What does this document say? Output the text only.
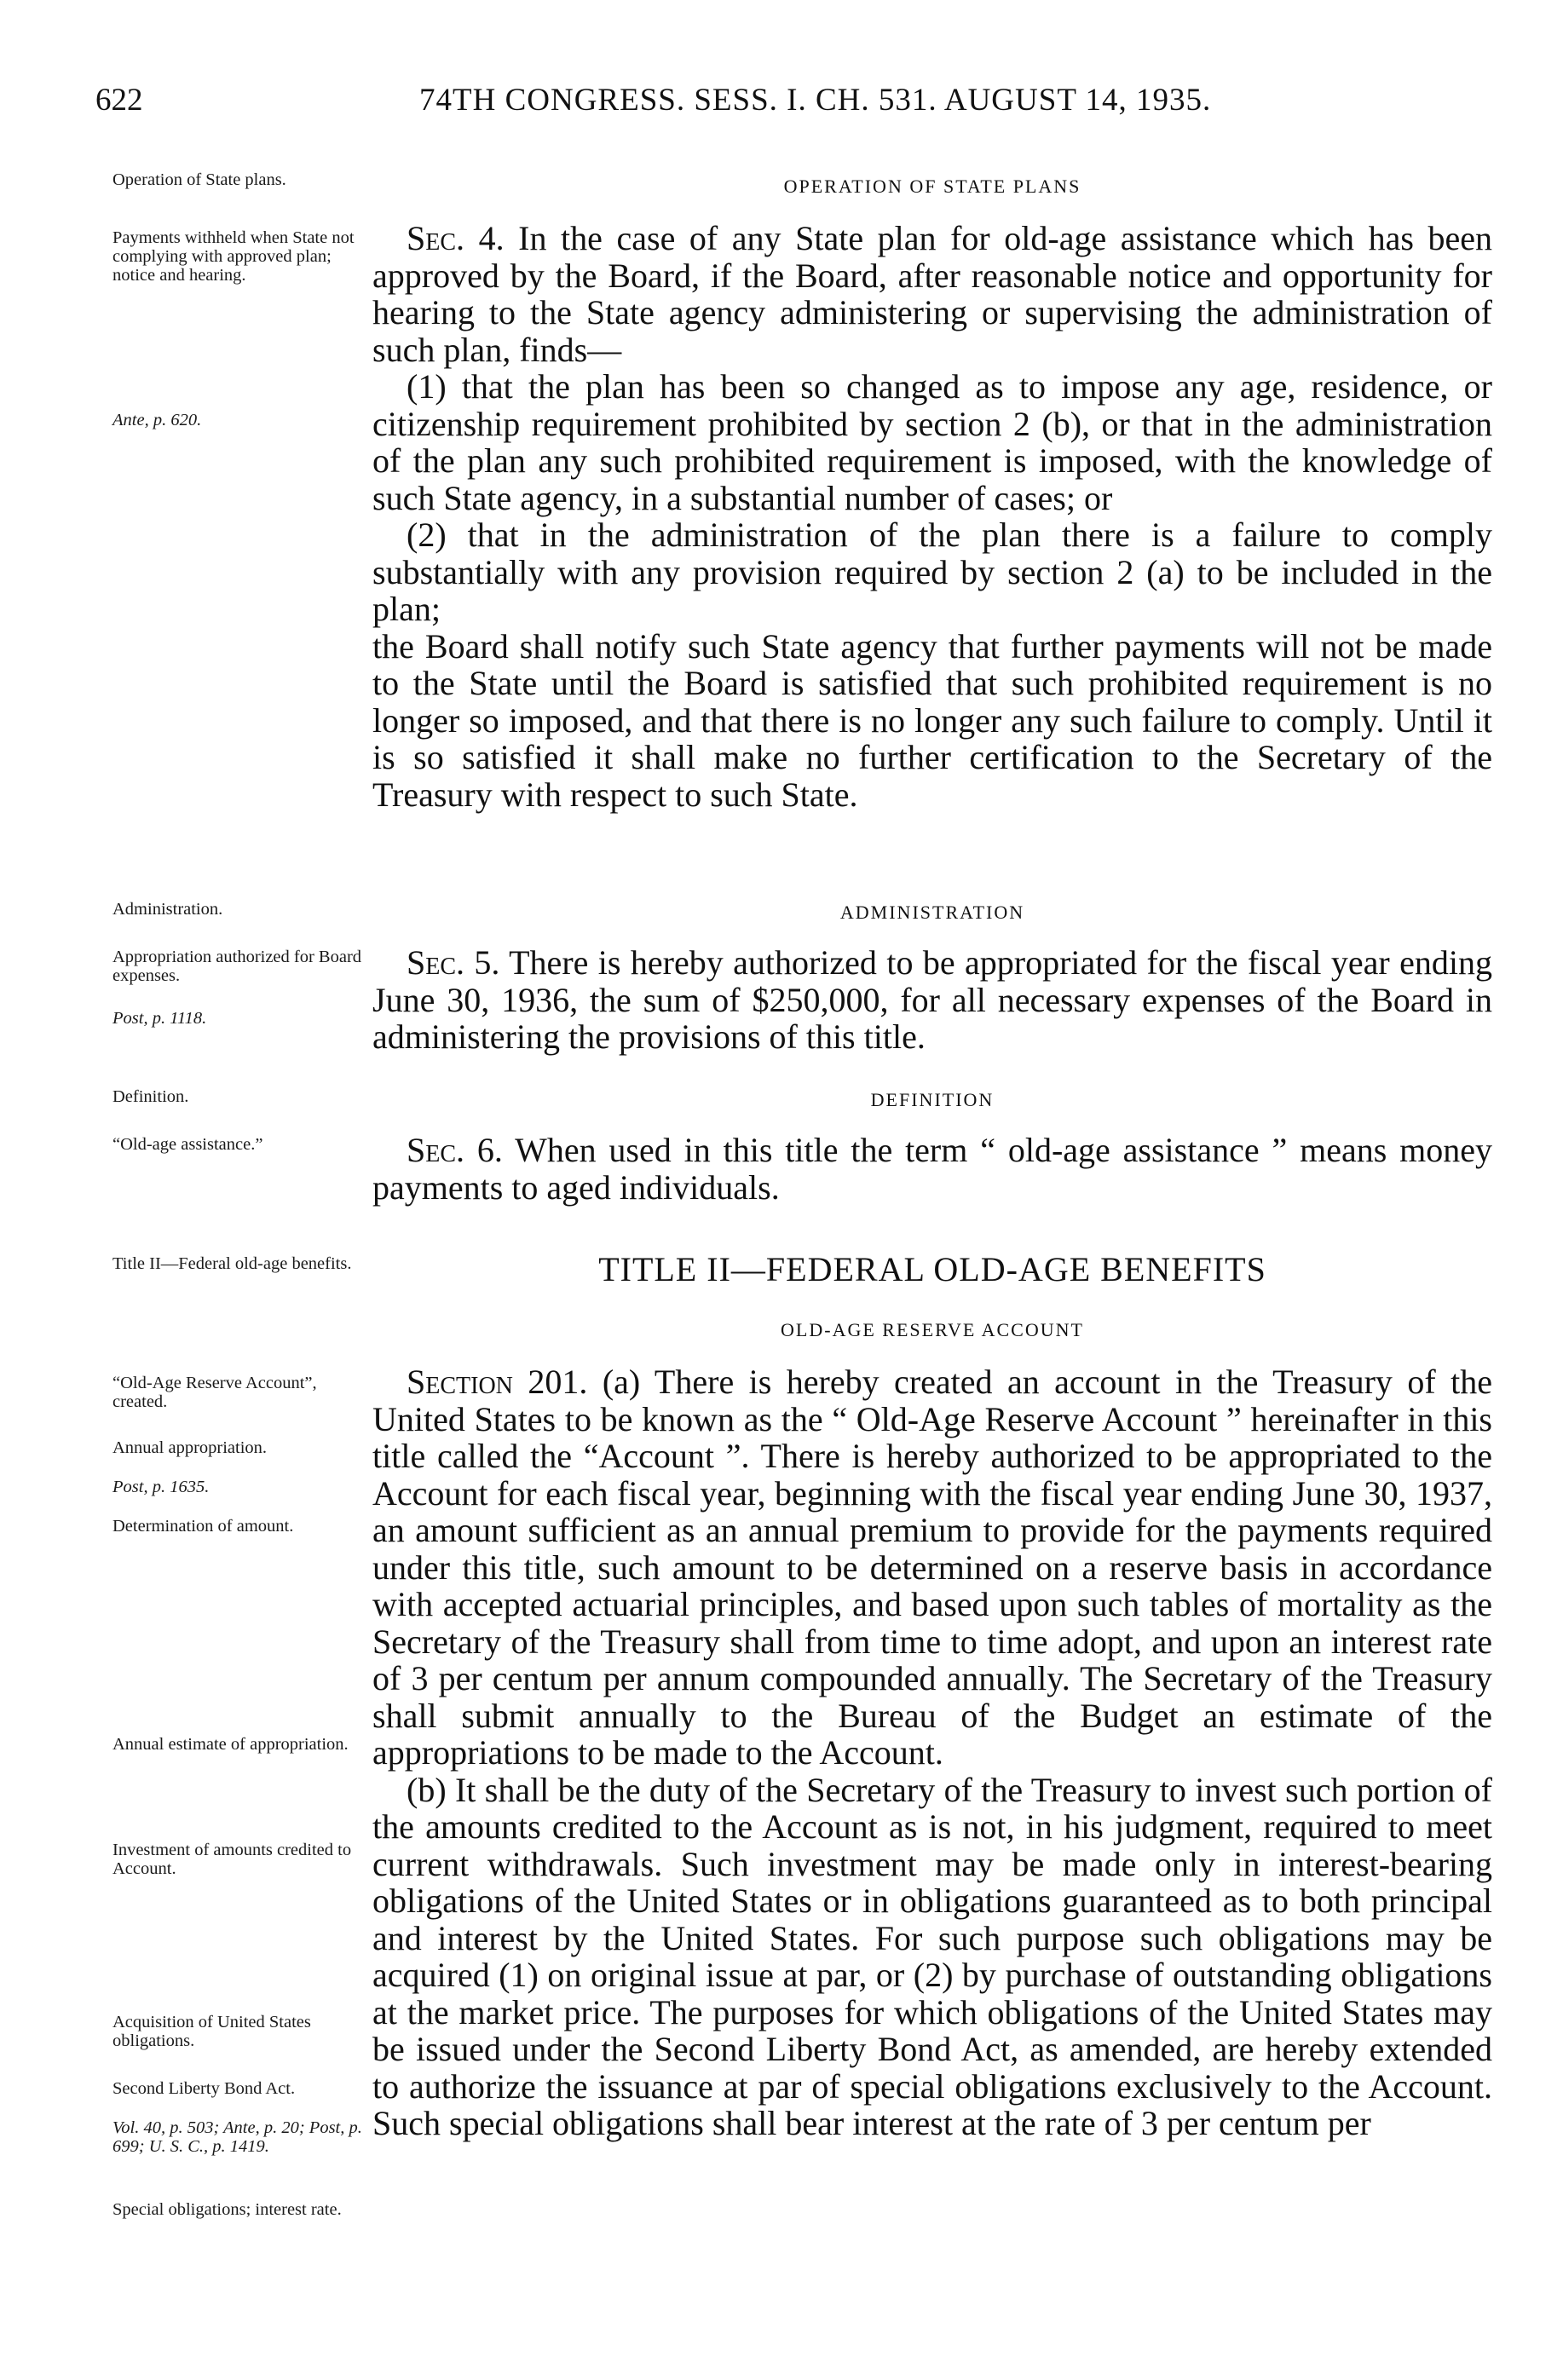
622	74TH CONGRESS. SESS. I. CH. 531. AUGUST 14, 1935.
Operation of State plans.
Payments withheld when State not complying with approved plan; notice and hearing.
Ante, p. 620.
Administration.
Appropriation authorized for Board expenses.
Post, p. 1118.
Definition.
“Old-age assistance.”
Title II—Federal old-age benefits.
“Old-Age Reserve Account”, created.
Annual appropriation.
Post, p. 1635.
Determination of amount.
Annual estimate of appropriation.
Investment of amounts credited to Account.
Acquisition of United States obligations.
Second Liberty Bond Act.
Vol. 40, p. 503; Ante, p. 20; Post, p. 699; U. S. C., p. 1419.
Special obligations; interest rate.
OPERATION OF STATE PLANS
ADMINISTRATION
DEFINITION
TITLE II—FEDERAL OLD-AGE BENEFITS
OLD-AGE RESERVE ACCOUNT

Sec. 4. In the case of any State plan for old-age assistance which has been approved by the Board, if the Board, after reasonable notice and opportunity for hearing to the State agency administering or supervising the administration of such plan, finds—

(1) that the plan has been so changed as to impose any age, residence, or citizenship requirement prohibited by section 2 (b), or that in the administration of the plan any such prohibited requirement is imposed, with the knowledge of such State agency, in a substantial number of cases; or

(2) that in the administration of the plan there is a failure to comply substantially with any provision required by section 2 (a) to be included in the plan;

the Board shall notify such State agency that further payments will not be made to the State until the Board is satisfied that such prohibited requirement is no longer so imposed, and that there is no longer any such failure to comply. Until it is so satisfied it shall make no further certification to the Secretary of the Treasury with respect to such State.

Sec. 5. There is hereby authorized to be appropriated for the fiscal year ending June 30, 1936, the sum of $250,000, for all necessary expenses of the Board in administering the provisions of this title.

Sec. 6. When used in this title the term “ old-age assistance ” means money payments to aged individuals.

Section 201. (a) There is hereby created an account in the Treasury of the United States to be known as the “ Old-Age Reserve Account ” hereinafter in this title called the “Account ”. There is hereby authorized to be appropriated to the Account for each fiscal year, beginning with the fiscal year ending June 30, 1937, an amount sufficient as an annual premium to provide for the payments required under this title, such amount to be determined on a reserve basis in accordance with accepted actuarial principles, and based upon such tables of mortality as the Secretary of the Treasury shall from time to time adopt, and upon an interest rate of 3 per centum per annum compounded annually. The Secretary of the Treasury shall submit annually to the Bureau of the Budget an estimate of the appropriations to be made to the Account.

(b) It shall be the duty of the Secretary of the Treasury to invest such portion of the amounts credited to the Account as is not, in his judgment, required to meet current withdrawals. Such investment may be made only in interest-bearing obligations of the United States or in obligations guaranteed as to both principal and interest by the United States. For such purpose such obligations may be acquired (1) on original issue at par, or (2) by purchase of outstanding obligations at the market price. The purposes for which obligations of the United States may be issued under the Second Liberty Bond Act, as amended, are hereby extended to authorize the issuance at par of special obligations exclusively to the Account. Such special obligations shall bear interest at the rate of 3 per centum per
